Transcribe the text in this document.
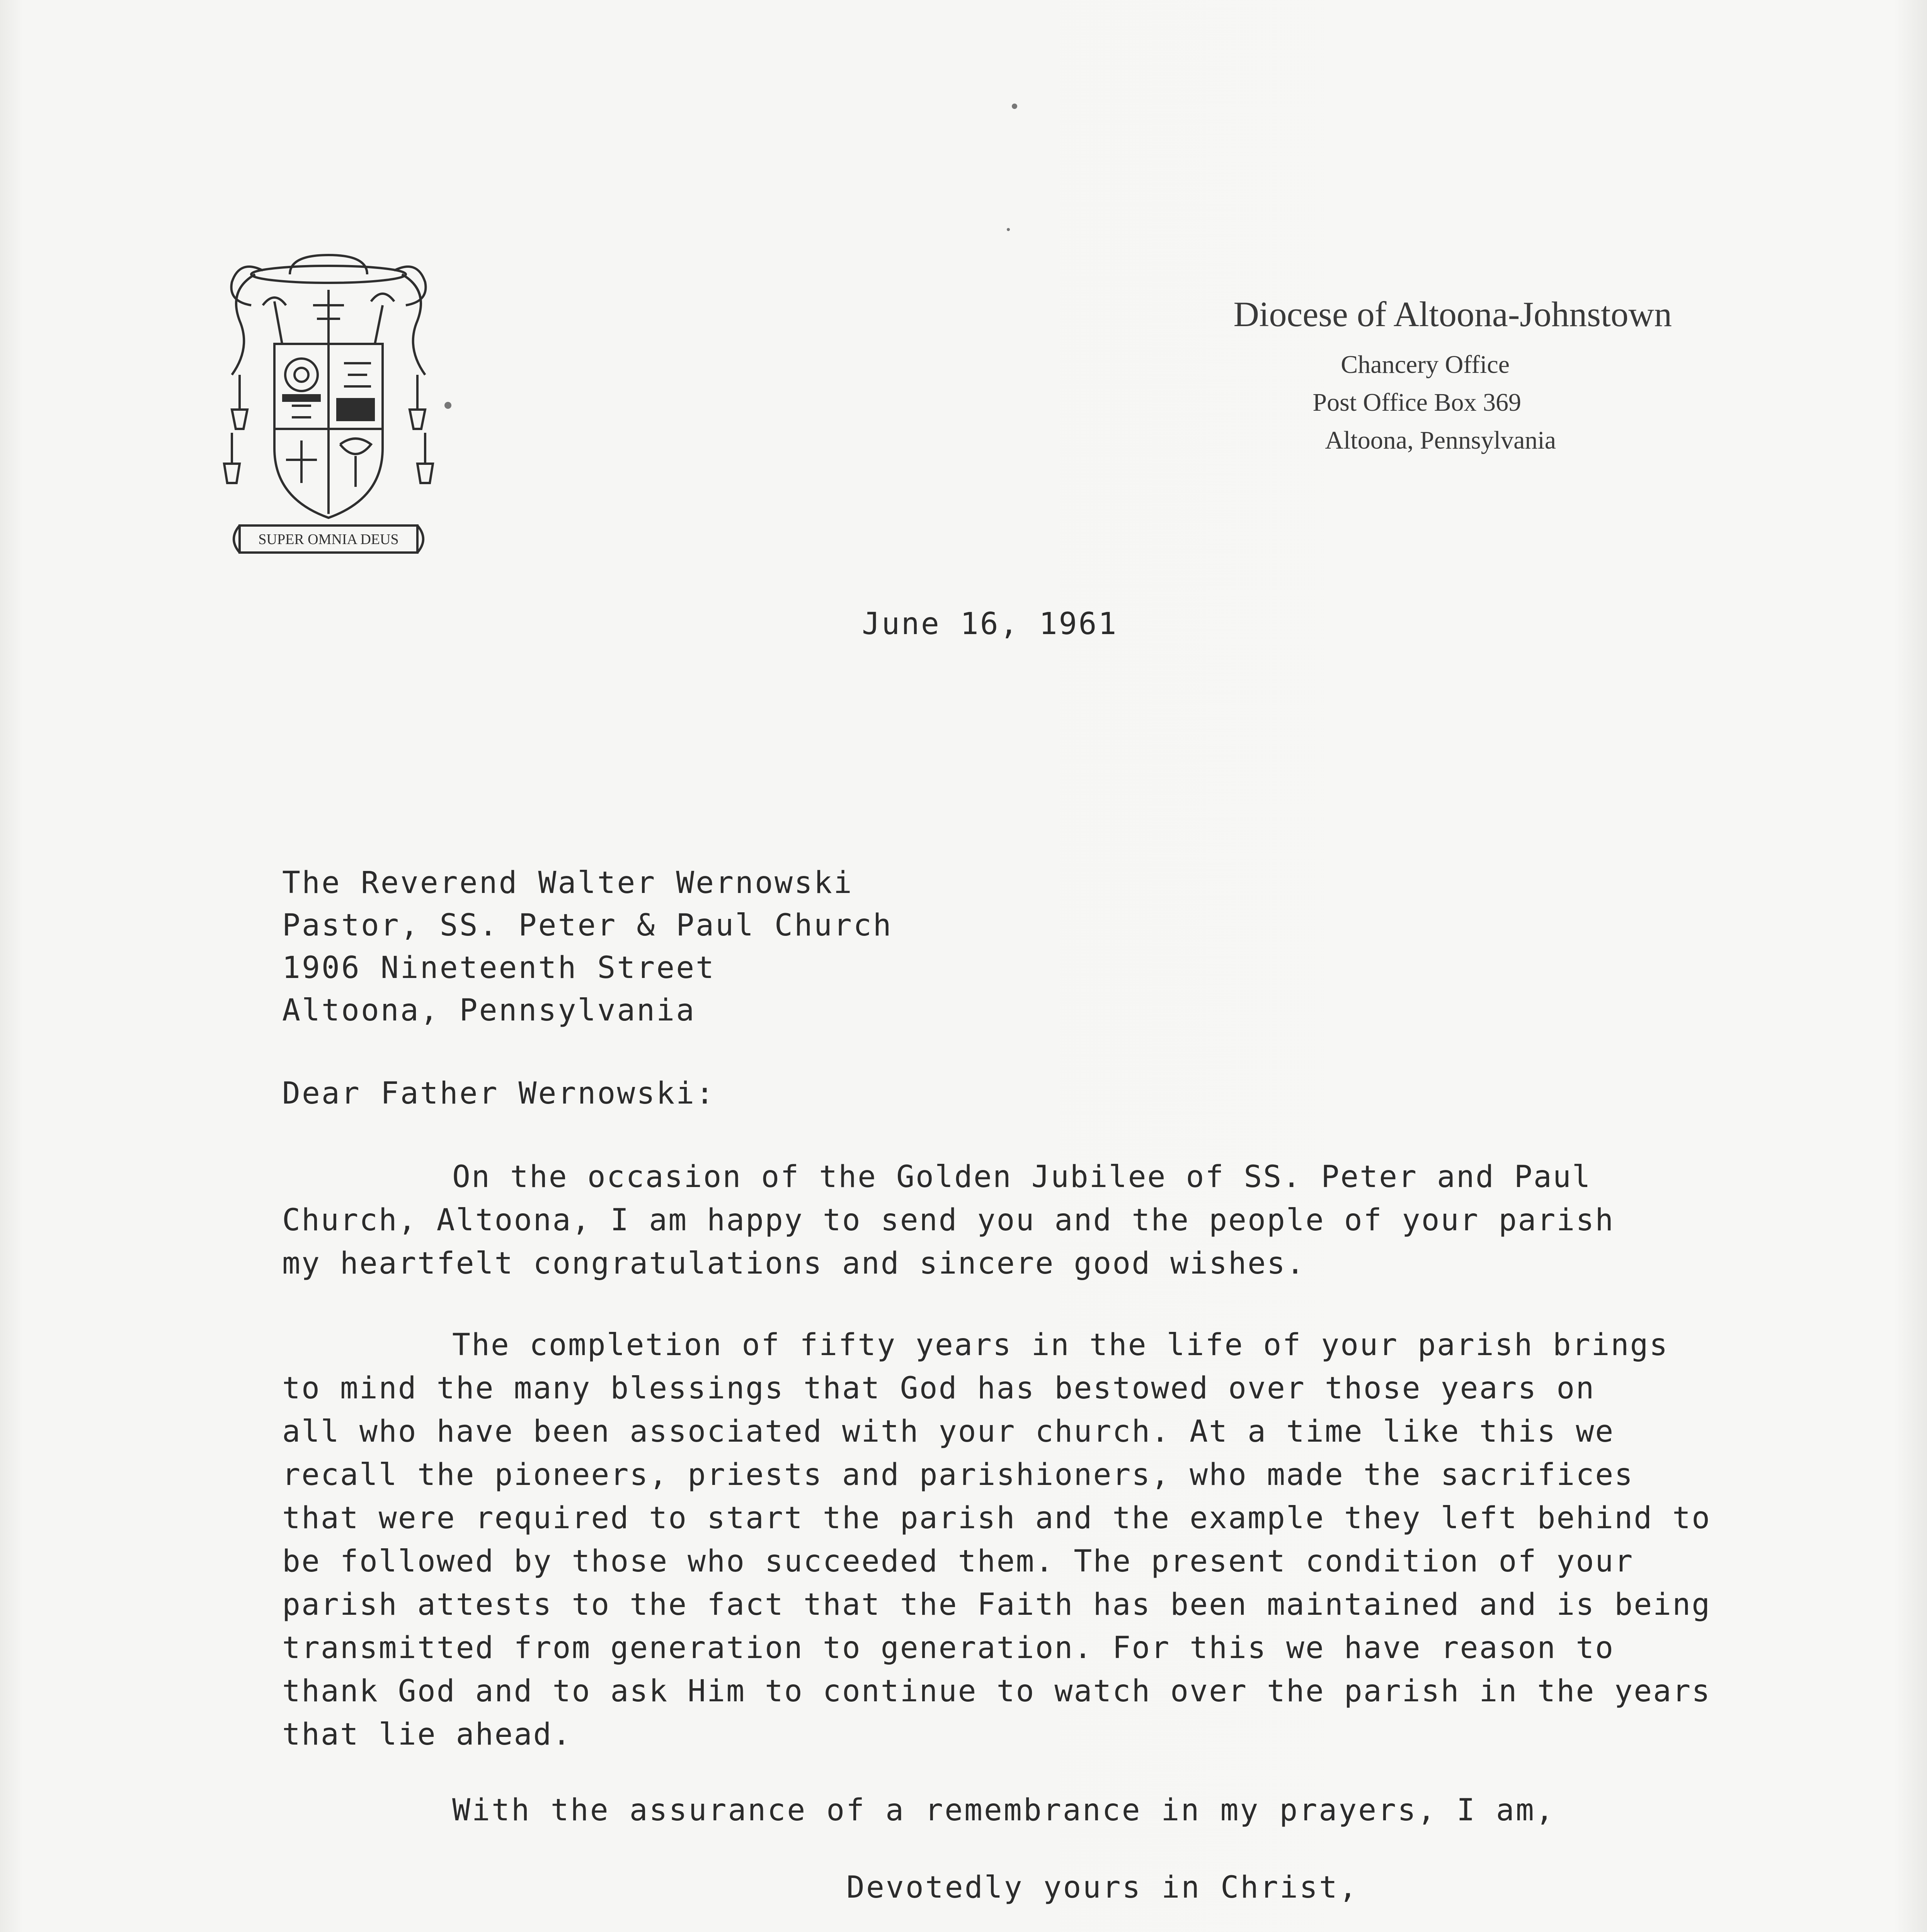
SUPER OMNIA DEUS
Diocese of Altoona-Johnstown
Chancery Office
Post Office Box 369
Altoona, Pennsylvania
June 16, 1961
The Reverend Walter Wernowski
Pastor, SS. Peter & Paul Church
1906 Nineteenth Street
Altoona, Pennsylvania
Dear Father Wernowski:
On the occasion of the Golden Jubilee of SS. Peter and Paul
Church, Altoona, I am happy to send you and the people of your parish
my heartfelt congratulations and sincere good wishes.
The completion of fifty years in the life of your parish brings
to mind the many blessings that God has bestowed over those years on
all who have been associated with your church. At a time like this we
recall the pioneers, priests and parishioners, who made the sacrifices
that were required to start the parish and the example they left behind to
be followed by those who succeeded them. The present condition of your
parish attests to the fact that the Faith has been maintained and is being
transmitted from generation to generation. For this we have reason to
thank God and to ask Him to continue to watch over the parish in the years
that lie ahead.
With the assurance of a remembrance in my prayers, I am,
Devotedly yours in Christ,
